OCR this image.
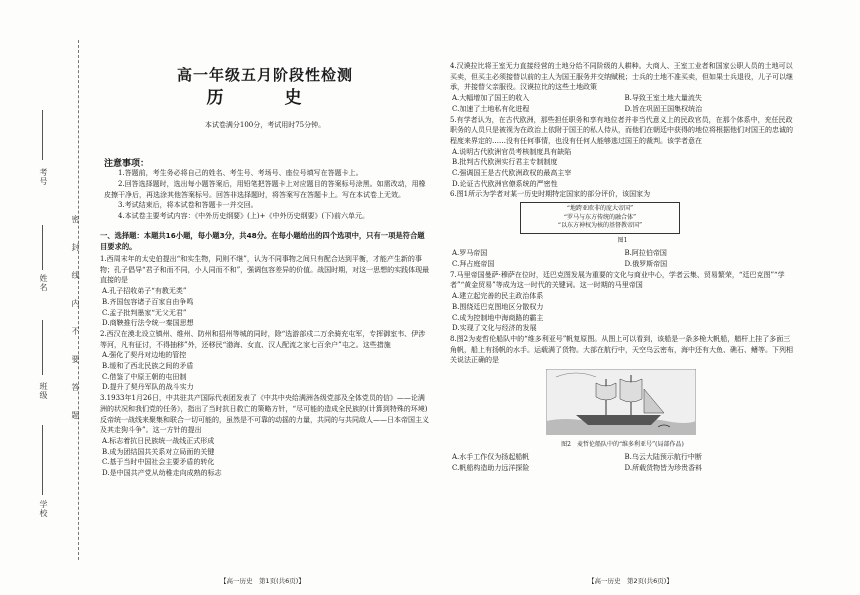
考号
姓名
班级
学校
密封线内不要答题
高一年级五月阶段性检测
历　史
本试卷满分100分，考试用时75分钟。
注意事项：

1.答题前，考生务必将自己的姓名、考生号、考场号、座位号填写在答题卡上。

2.回答选择题时，选出每小题答案后，用铅笔把答题卡上对应题目的答案标号涂黑。如需改动，用橡皮擦干净后，再选涂其他答案标号。回答非选择题时，将答案写在答题卡上。写在本试卷上无效。

3.考试结束后，将本试卷和答题卡一并交回。

4.本试卷主要考试内容：《中外历史纲要》(上)+《中外历史纲要》(下)前六单元。

一、选择题：本题共16小题，每小题3分，共48分。在每小题给出的四个选项中，只有一项是符合题目要求的。

1.西周末年的太史伯提出“和实生物，同则不继”，认为不同事物之间只有配合达到平衡，才能产生新的事物；孔子倡导“君子和而不同，小人同而不和”，强调包容差异的价值。战国时期，对这一思想的实践体现最直接的是

A.孔子招收弟子“有教无类”

B.齐国包容诸子百家自由争鸣

C.孟子批判墨家“无父无君”

D.商鞅推行法令统一秦国思想

2.西汉在漠北设立镇州、维州、防州和招州等城的同时，除“选游部戍二万余骑充屯军，专挥御室韦、伊涉等河，凡有征讨，不得抽移”外，还移民“渤海、女直、汉人配流之家七百余户”屯之。这些措施

A.强化了契丹对边地的管控

B.缓和了西北民族之间的矛盾

C.借鉴了中原王朝的屯田制

D.提升了契丹军队的战斗实力

3.1933年1月26日，中共驻共产国际代表团发表了《中共中央给满洲各级党部及全体党员的信》——论满洲的状况和我们党的任务》，指出了当时抗日救亡的策略方针，“尽可能的造成全民族的(计算到特殊的环境)反帝统一战线来聚集和联合一切可能的，虽然是不可靠的动摇的力量，共同的与共同敌人——日本帝国主义及其走狗斗争”。这一方针的提出

A.标志着抗日民族统一战线正式形成

B.成为团结国共关系对立局面的关键

C.基于当时中国社会主要矛盾的转化

D.是中国共产党从幼稚走向成熟的标志

【高一历史　第1页(共6页)】

4.汉谟拉比将王室无力直接经营的土地分给不同阶级的人耕种。大商人、王室工业者和国家公职人员的土地可以买卖，但买主必须接替以前的主人为国王服务并交纳赋税；士兵的土地不准买卖，但如果士兵退役，儿子可以继承，并接替父亲服役。汉谟拉比的这些土地政策

A.大幅增加了国王的收入	B.导致王室土地大量流失

C.加速了土地私有化进程	D.旨在巩固王国集权统治

5.有学者认为，在古代欧洲，那些担任职务和享有地位者并非当代意义上的民政官员，在那个体系中，充任民政职务的人员只是被视为在政治上依附于国王的私人侍从，而他们在朝廷中获得的地位将根据他们对国王的忠诚的程度来界定的……没有任何事情，也没有任何人能够逃过国王的裁判。该学者意在

A.说明古代欧洲官员考核制度具有缺陷

B.批判古代欧洲实行君主专制制度

C.强调国王是古代欧洲政权的最高主宰

D.论证古代欧洲官僚系统的严密性

6.图1所示为学者对某一历史时期特定国家的部分评价，该国家为

“地跨亚欧非的庞大帝国”
“罗马与东方传统的融合体”
“以东方神权为核的基督教帝国”
图1

A.罗马帝国	B.阿拉伯帝国

C.拜占庭帝国	D.俄罗斯帝国

7.马里帝国曼萨·穆萨在位时，廷巴克图发展为重要的文化与商业中心，学者云集、贸易繁荣，“廷巴克图”“学者”“黄金贸易”等成为这一时代的关键词。这一时期的马里帝国

A.建立起完善的民主政治体系

B.围绕廷巴克图地区分散权力

C.成为控制地中海商路的霸主

D.实现了文化与经济的发展

8.图2为麦哲伦船队中的“维多利亚号”帆复原图。从图上可以看到，该船是一条多桅大帆船，艏杆上挂了多面三角帆，船上有扬帆的水手。运载满了货物。大部在航行中，天空乌云密布，海中还有大鱼、礁石、鳍等。下列相关说法正确的是

图2　麦哲伦船队中的“维多利亚号”(局部作品)

A.水手工作仅为扬起船帆	B.乌云大陆预示航行中断

C.帆船构造助力远洋探险	D.所载货物皆为珍贵香料

【高一历史　第2页(共6页)】
